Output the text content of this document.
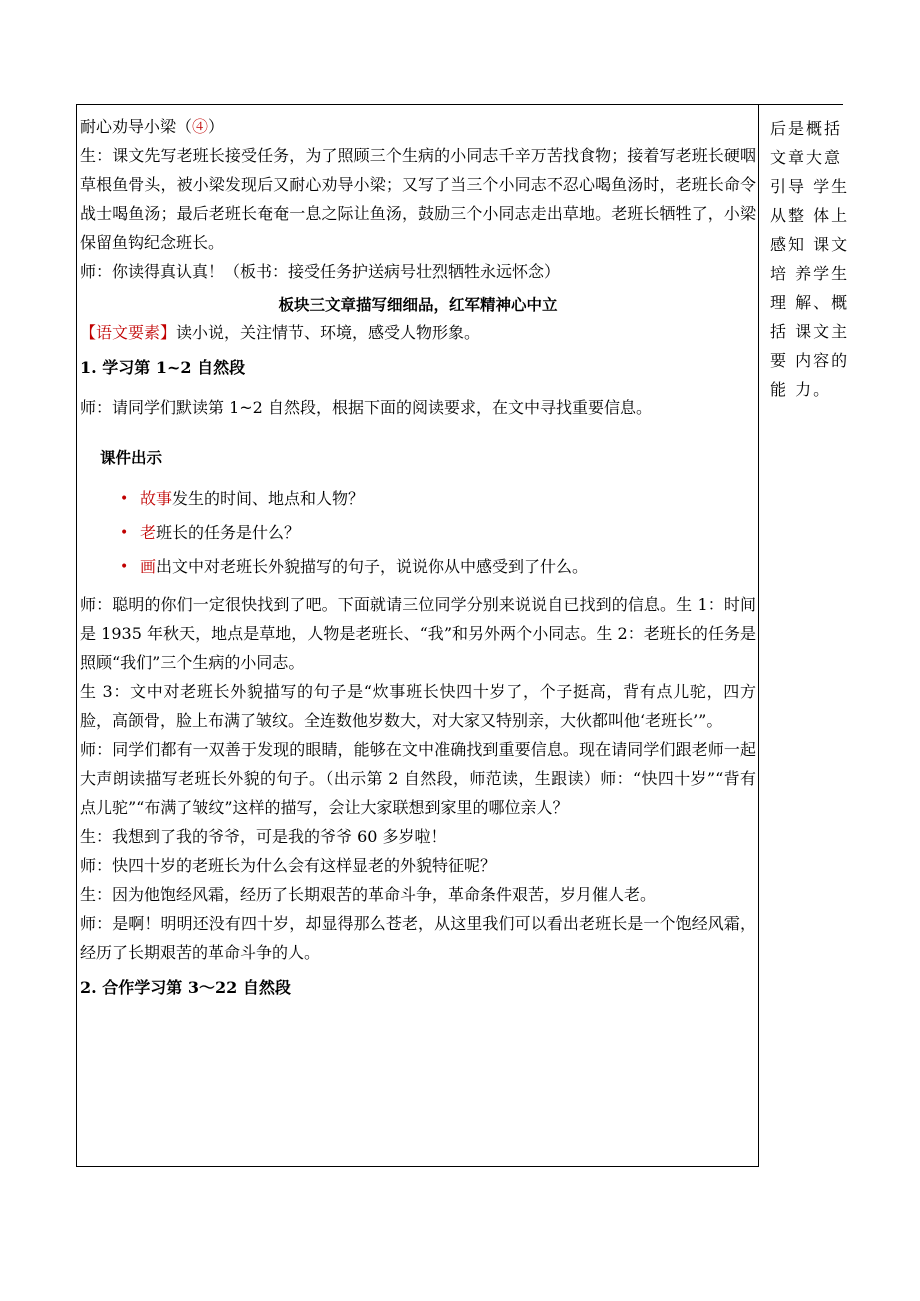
耐心劝导小梁（④）

生：课文先写老班长接受任务，为了照顾三个生病的小同志千辛万苦找食物；接着写老班长硬咽草根鱼骨头，被小梁发现后又耐心劝导小梁；又写了当三个小同志不忍心喝鱼汤时，老班长命令战士喝鱼汤；最后老班长奄奄一息之际让鱼汤，鼓励三个小同志走出草地。老班长牺牲了，小梁保留鱼钩纪念班长。

师：你读得真认真！（板书：接受任务护送病号壮烈牺牲永远怀念）

板块三文章描写细细品，红军精神心中立

【语文要素】读小说，关注情节、环境，感受人物形象。

1. 学习第 1~2 自然段

师：请同学们默读第 1~2 自然段，根据下面的阅读要求，在文中寻找重要信息。

课件出示
• 故事发生的时间、地点和人物？
• 老班长的任务是什么？
• 画出文中对老班长外貌描写的句子，说说你从中感受到了什么。

师：聪明的你们一定很快找到了吧。下面就请三位同学分别来说说自已找到的信息。生 1：时间是 1935 年秋天，地点是草地，人物是老班长、“我”和另外两个小同志。生 2：老班长的任务是照顾“我们”三个生病的小同志。

生 3：文中对老班长外貌描写的句子是“炊事班长快四十岁了，个子挺高，背有点儿驼，四方脸，高颌骨，脸上布满了皱纹。全连数他岁数大，对大家又特别亲，大伙都叫他‘老班长’”。

师：同学们都有一双善于发现的眼睛，能够在文中准确找到重要信息。现在请同学们跟老师一起大声朗读描写老班长外貌的句子。（出示第 2 自然段，师范读，生跟读）师：“快四十岁”“背有点儿驼”“布满了皱纹”这样的描写，会让大家联想到家里的哪位亲人？

生：我想到了我的爷爷，可是我的爷爷 60 多岁啦！

师：快四十岁的老班长为什么会有这样显老的外貌特征呢？

生：因为他饱经风霜，经历了长期艰苦的革命斗争，革命条件艰苦，岁月催人老。

师：是啊！明明还没有四十岁，却显得那么苍老，从这里我们可以看出老班长是一个饱经风霜，经历了长期艰苦的革命斗争的人。

2. 合作学习第 3～22 自然段
后是概括
文章大意
引导 学生
从整 体上
感知 课文
培 养学生
理 解、概
括 课文主
要 内容的
能 力。
